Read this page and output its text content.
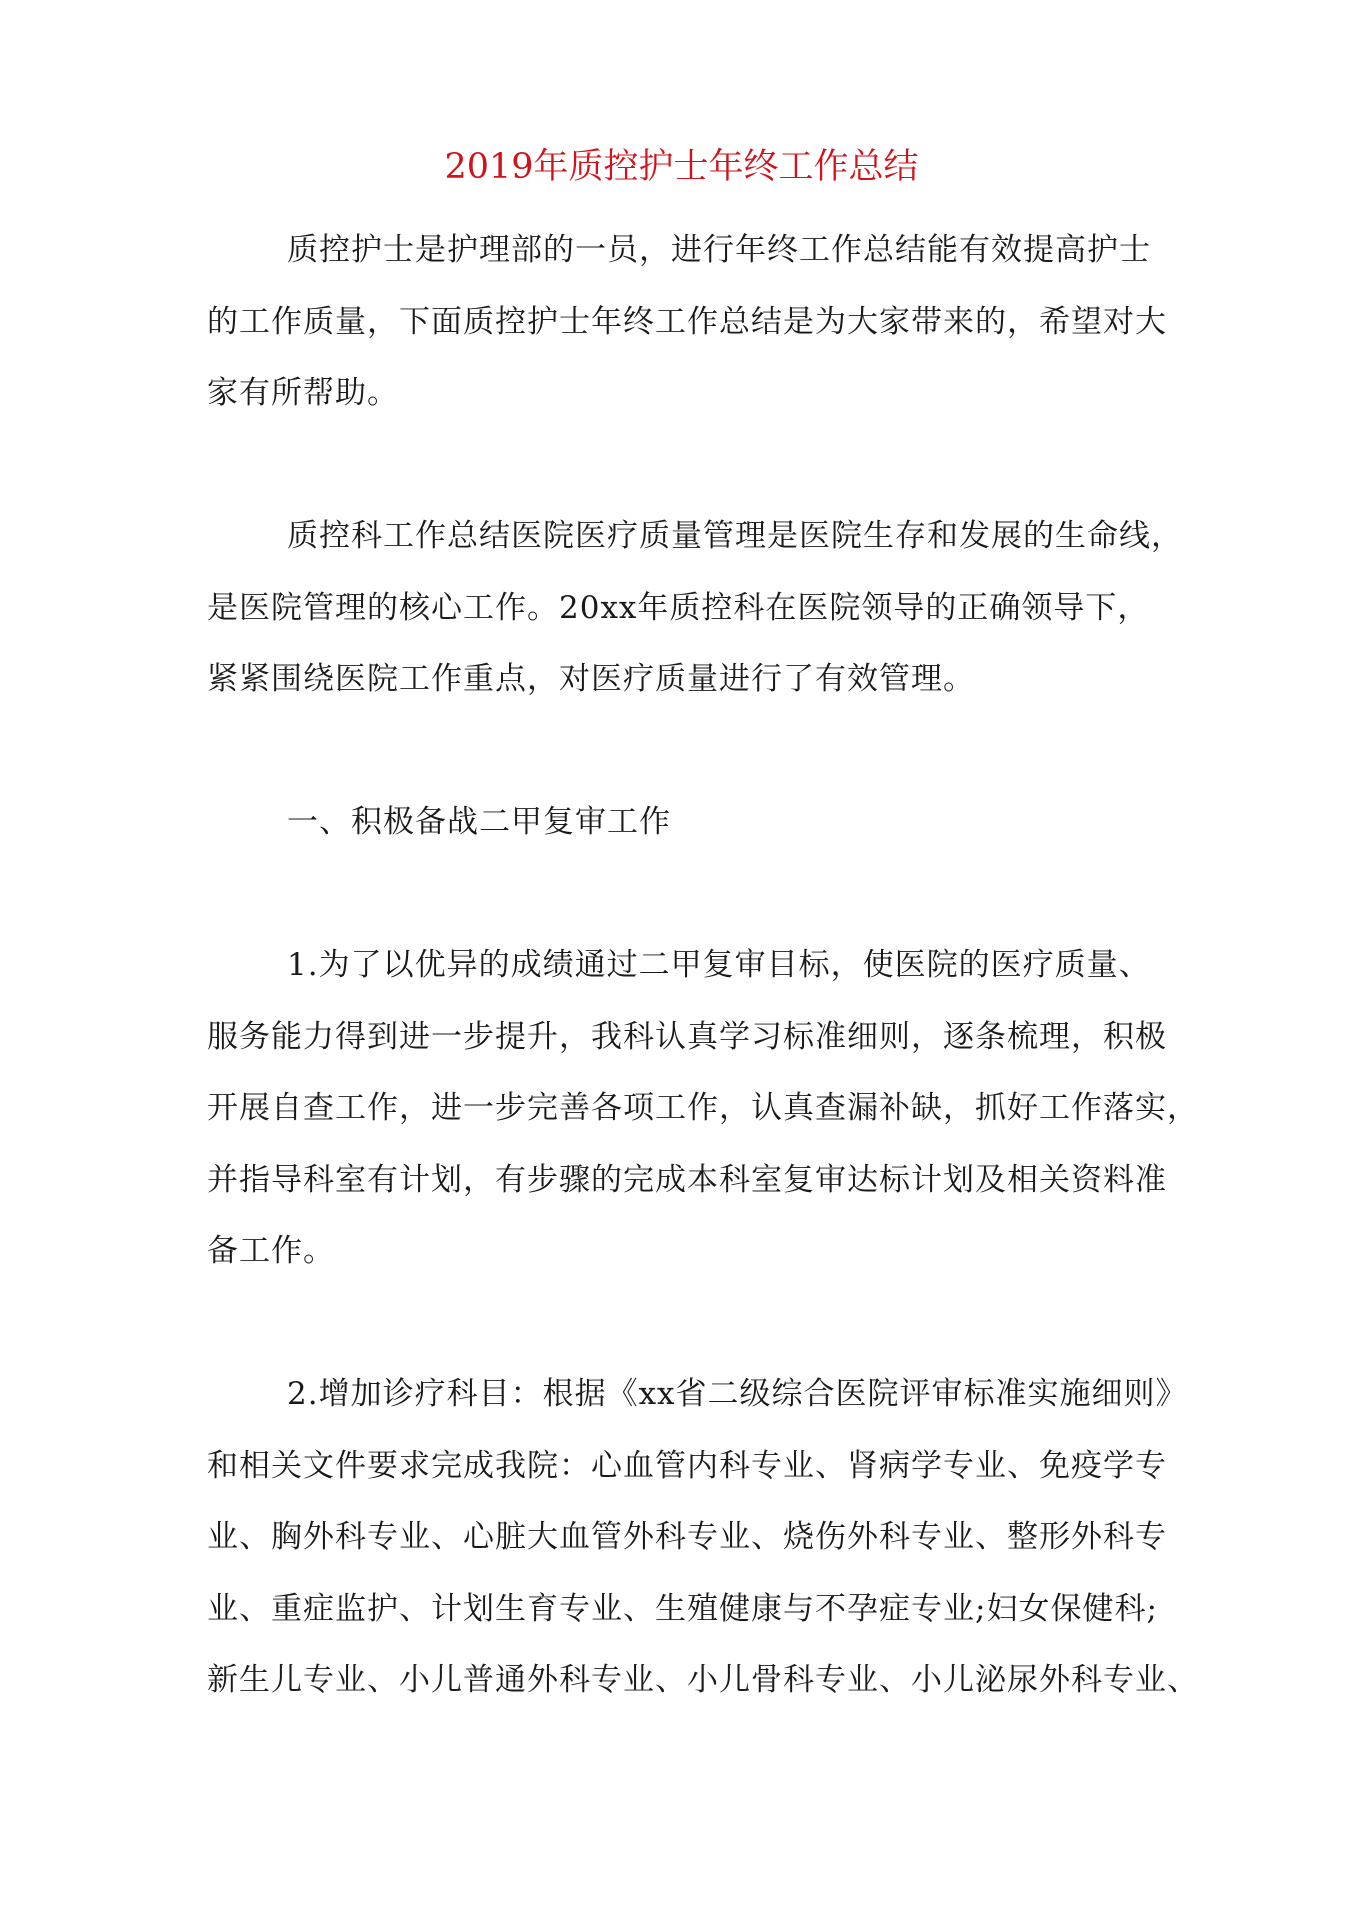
2019年质控护士年终工作总结

质控护士是护理部的一员，进行年终工作总结能有效提高护士
的工作质量，下面质控护士年终工作总结是为大家带来的，希望对大
家有所帮助。

质控科工作总结医院医疗质量管理是医院生存和发展的生命线，
是医院管理的核心工作。20xx年质控科在医院领导的正确领导下，
紧紧围绕医院工作重点，对医疗质量进行了有效管理。

一、积极备战二甲复审工作

1.为了以优异的成绩通过二甲复审目标，使医院的医疗质量、
服务能力得到进一步提升，我科认真学习标准细则，逐条梳理，积极
开展自查工作，进一步完善各项工作，认真查漏补缺，抓好工作落实，
并指导科室有计划，有步骤的完成本科室复审达标计划及相关资料准
备工作。

2.增加诊疗科目：根据《xx省二级综合医院评审标准实施细则》
和相关文件要求完成我院：心血管内科专业、肾病学专业、免疫学专
业、胸外科专业、心脏大血管外科专业、烧伤外科专业、整形外科专
业、重症监护、计划生育专业、生殖健康与不孕症专业;妇女保健科;
新生儿专业、小儿普通外科专业、小儿骨科专业、小儿泌尿外科专业、
